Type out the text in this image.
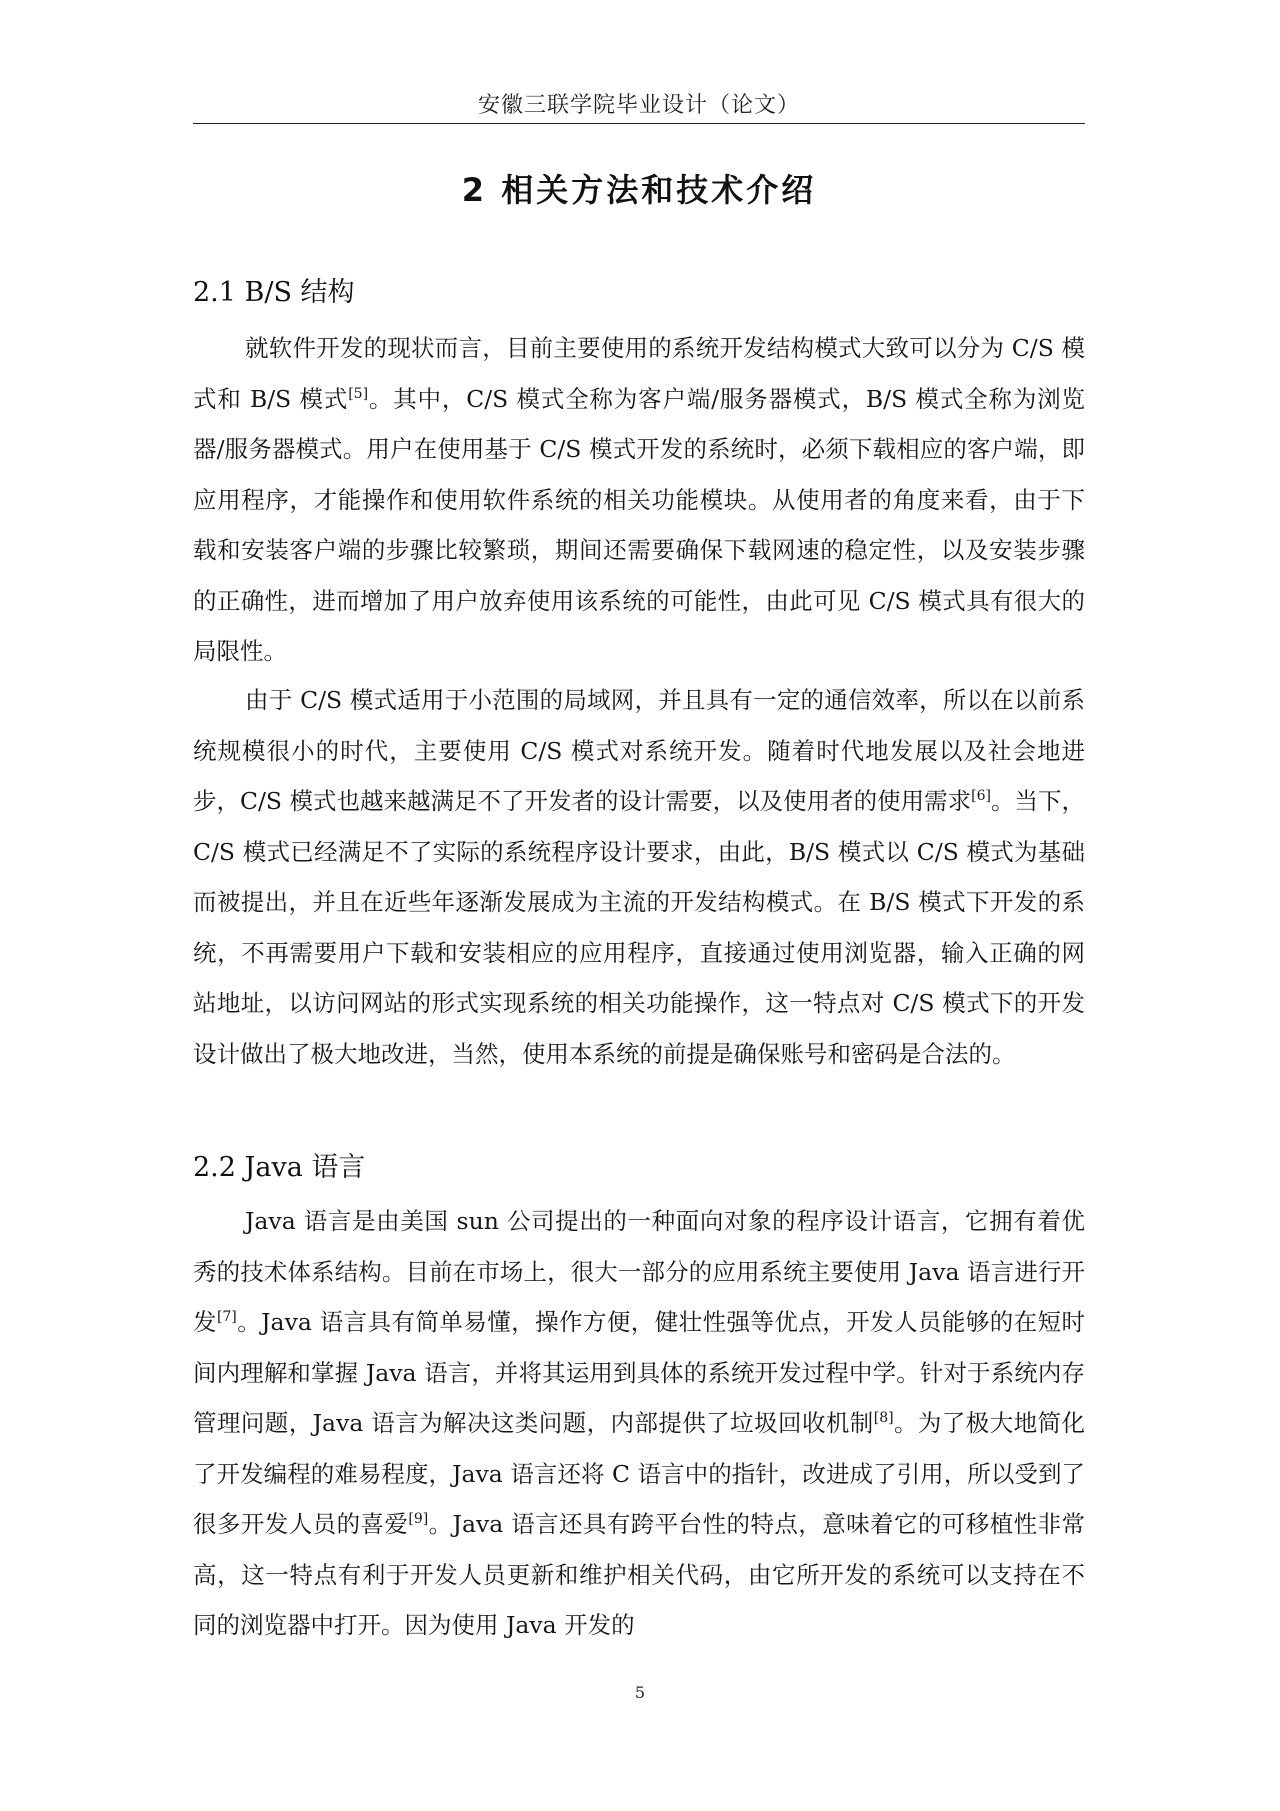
安徽三联学院毕业设计（论文）
2 相关方法和技术介绍
2.1 B/S 结构

就软件开发的现状而言，目前主要使用的系统开发结构模式大致可以分为 C/S 模式和 B/S 模式[5]。其中，C/S 模式全称为客户端/服务器模式，B/S 模式全称为浏览器/服务器模式。用户在使用基于 C/S 模式开发的系统时，必须下载相应的客户端，即应用程序，才能操作和使用软件系统的相关功能模块。从使用者的角度来看，由于下载和安装客户端的步骤比较繁琐，期间还需要确保下载网速的稳定性，以及安装步骤的正确性，进而增加了用户放弃使用该系统的可能性，由此可见 C/S 模式具有很大的局限性。

由于 C/S 模式适用于小范围的局域网，并且具有一定的通信效率，所以在以前系统规模很小的时代，主要使用 C/S 模式对系统开发。随着时代地发展以及社会地进步，C/S 模式也越来越满足不了开发者的设计需要，以及使用者的使用需求[6]。当下，C/S 模式已经满足不了实际的系统程序设计要求，由此，B/S 模式以 C/S 模式为基础而被提出，并且在近些年逐渐发展成为主流的开发结构模式。在 B/S 模式下开发的系统，不再需要用户下载和安装相应的应用程序，直接通过使用浏览器，输入正确的网站地址，以访问网站的形式实现系统的相关功能操作，这一特点对 C/S 模式下的开发设计做出了极大地改进，当然，使用本系统的前提是确保账号和密码是合法的。

2.2 Java 语言

Java 语言是由美国 sun 公司提出的一种面向对象的程序设计语言，它拥有着优秀的技术体系结构。目前在市场上，很大一部分的应用系统主要使用 Java 语言进行开发[7]。Java 语言具有简单易懂，操作方便，健壮性强等优点，开发人员能够的在短时间内理解和掌握 Java 语言，并将其运用到具体的系统开发过程中学。针对于系统内存管理问题，Java 语言为解决这类问题，内部提供了垃圾回收机制[8]。为了极大地简化了开发编程的难易程度，Java 语言还将 C 语言中的指针，改进成了引用，所以受到了很多开发人员的喜爱[9]。Java 语言还具有跨平台性的特点，意味着它的可移植性非常高，这一特点有利于开发人员更新和维护相关代码，由它所开发的系统可以支持在不同的浏览器中打开。因为使用 Java 开发的

5
